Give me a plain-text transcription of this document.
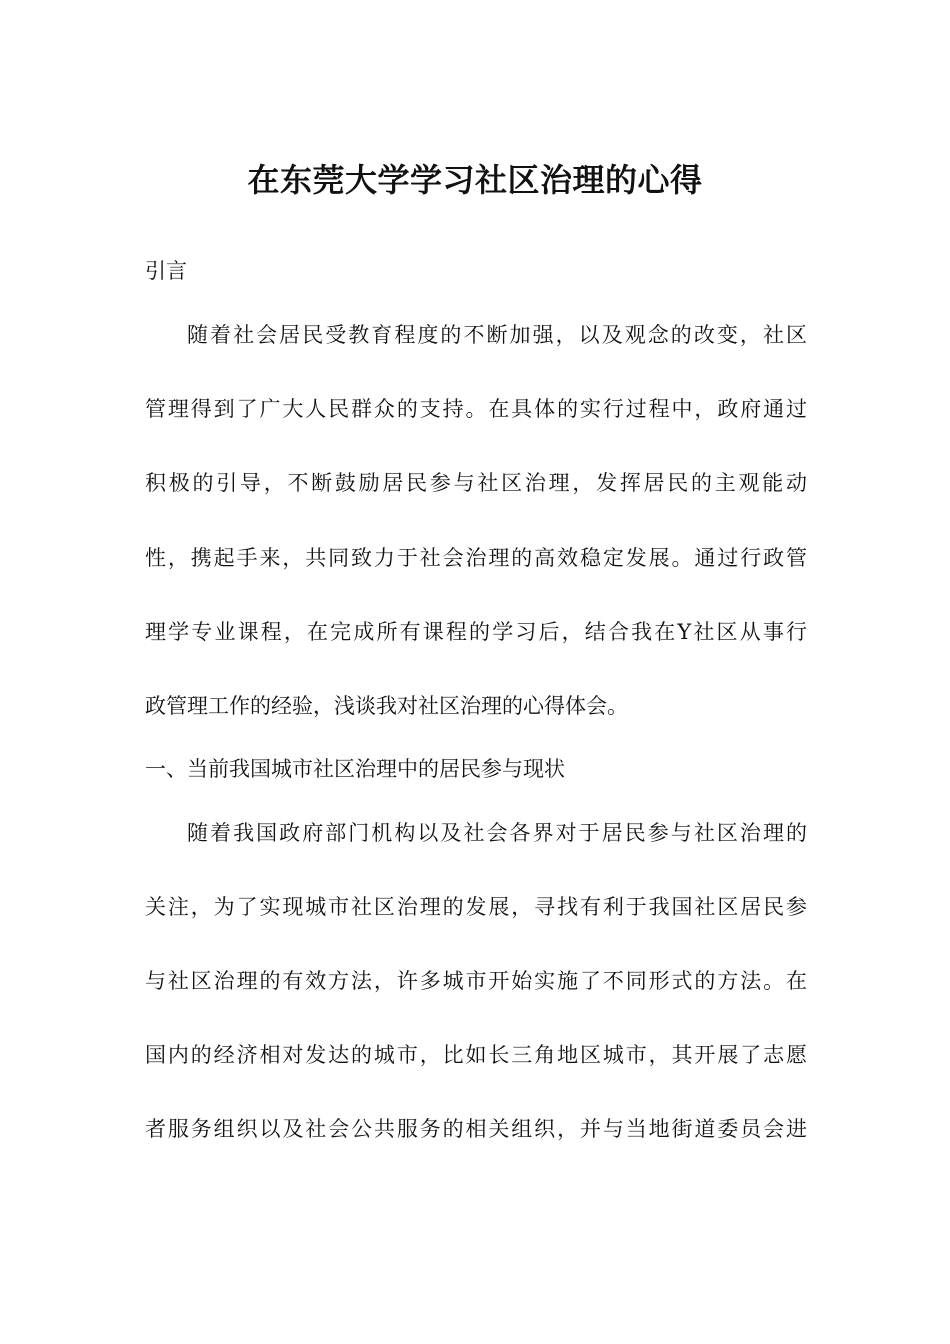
在东莞大学学习社区治理的心得
引言
随着社会居民受教育程度的不断加强，以及观念的改变，社区
管理得到了广大人民群众的支持。在具体的实行过程中，政府通过
积极的引导，不断鼓励居民参与社区治理，发挥居民的主观能动
性，携起手来，共同致力于社会治理的高效稳定发展。通过行政管
理学专业课程，在完成所有课程的学习后，结合我在Y社区从事行
政管理工作的经验，浅谈我对社区治理的心得体会。
一、当前我国城市社区治理中的居民参与现状
随着我国政府部门机构以及社会各界对于居民参与社区治理的
关注，为了实现城市社区治理的发展，寻找有利于我国社区居民参
与社区治理的有效方法，许多城市开始实施了不同形式的方法。在
国内的经济相对发达的城市，比如长三角地区城市，其开展了志愿
者服务组织以及社会公共服务的相关组织，并与当地街道委员会进
